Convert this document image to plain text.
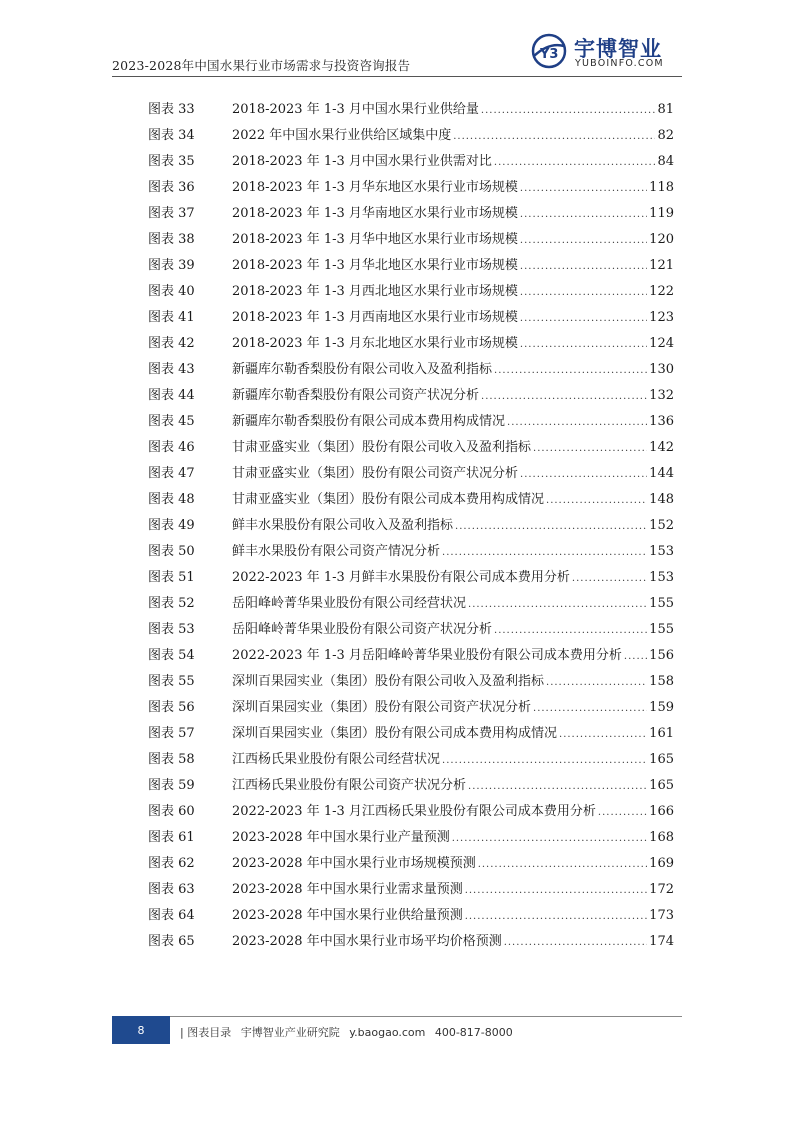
2023-2028年中国水果行业市场需求与投资咨询报告
Y3 宇博智业
YUBOINFO.COM
图表 33	2018-2023 年 1-3 月中国水果行业供给量 .....	81
图表 34	2022 年中国水果行业供给区域集中度 .....	82
图表 35	2018-2023 年 1-3 月中国水果行业供需对比 .....	84
图表 36	2018-2023 年 1-3 月华东地区水果行业市场规模 .....	118
图表 37	2018-2023 年 1-3 月华南地区水果行业市场规模 .....	119
图表 38	2018-2023 年 1-3 月华中地区水果行业市场规模 .....	120
图表 39	2018-2023 年 1-3 月华北地区水果行业市场规模 .....	121
图表 40	2018-2023 年 1-3 月西北地区水果行业市场规模 .....	122
图表 41	2018-2023 年 1-3 月西南地区水果行业市场规模 .....	123
图表 42	2018-2023 年 1-3 月东北地区水果行业市场规模 .....	124
图表 43	新疆库尔勒香梨股份有限公司收入及盈利指标 .....	130
图表 44	新疆库尔勒香梨股份有限公司资产状况分析 .....	132
图表 45	新疆库尔勒香梨股份有限公司成本费用构成情况 .....	136
图表 46	甘肃亚盛实业（集团）股份有限公司收入及盈利指标 .....	142
图表 47	甘肃亚盛实业（集团）股份有限公司资产状况分析 .....	144
图表 48	甘肃亚盛实业（集团）股份有限公司成本费用构成情况 .....	148
图表 49	鲜丰水果股份有限公司收入及盈利指标 .....	152
图表 50	鲜丰水果股份有限公司资产情况分析 .....	153
图表 51	2022-2023 年 1-3 月鲜丰水果股份有限公司成本费用分析 .....	153
图表 52	岳阳峰岭菁华果业股份有限公司经营状况 .....	155
图表 53	岳阳峰岭菁华果业股份有限公司资产状况分析 .....	155
图表 54	2022-2023 年 1-3 月岳阳峰岭菁华果业股份有限公司成本费用分析 ..... 156
图表 55	深圳百果园实业（集团）股份有限公司收入及盈利指标 .....	158
图表 56	深圳百果园实业（集团）股份有限公司资产状况分析 .....	159
图表 57	深圳百果园实业（集团）股份有限公司成本费用构成情况 .....	161
图表 58	江西杨氏果业股份有限公司经营状况 .....	165
图表 59	江西杨氏果业股份有限公司资产状况分析 .....	165
图表 60	2022-2023 年 1-3 月江西杨氏果业股份有限公司成本费用分析 .....	166
图表 61	2023-2028 年中国水果行业产量预测 .....	168
图表 62	2023-2028 年中国水果行业市场规模预测 .....	169
图表 63	2023-2028 年中国水果行业需求量预测 .....	172
图表 64	2023-2028 年中国水果行业供给量预测 .....	173
图表 65	2023-2028 年中国水果行业市场平均价格预测 .....	174
8	| 图表目录 宇博智业产业研究院 y.baogao.com 400-817-8000
